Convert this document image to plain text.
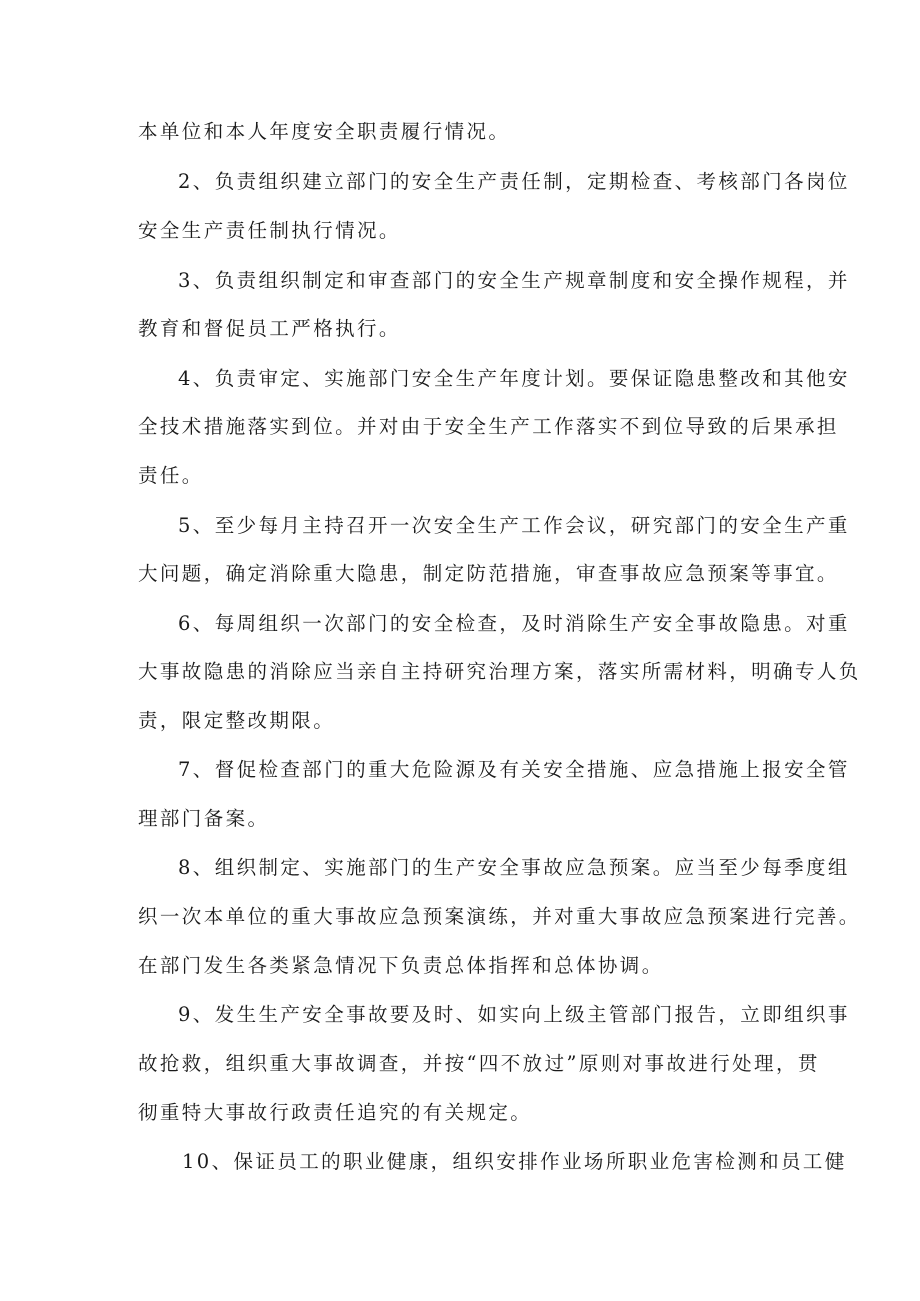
本单位和本人年度安全职责履行情况。
2、负责组织建立部门的安全生产责任制，定期检查、考核部门各岗位
安全生产责任制执行情况。
3、负责组织制定和审查部门的安全生产规章制度和安全操作规程，并
教育和督促员工严格执行。
4、负责审定、实施部门安全生产年度计划。要保证隐患整改和其他安
全技术措施落实到位。并对由于安全生产工作落实不到位导致的后果承担
责任。
5、至少每月主持召开一次安全生产工作会议，研究部门的安全生产重
大问题，确定消除重大隐患，制定防范措施，审查事故应急预案等事宜。
6、每周组织一次部门的安全检查，及时消除生产安全事故隐患。对重
大事故隐患的消除应当亲自主持研究治理方案，落实所需材料，明确专人负
责，限定整改期限。
7、督促检查部门的重大危险源及有关安全措施、应急措施上报安全管
理部门备案。
8、组织制定、实施部门的生产安全事故应急预案。应当至少每季度组
织一次本单位的重大事故应急预案演练，并对重大事故应急预案进行完善。
在部门发生各类紧急情况下负责总体指挥和总体协调。
9、发生生产安全事故要及时、如实向上级主管部门报告，立即组织事
故抢救，组织重大事故调查，并按“四不放过”原则对事故进行处理，贯
彻重特大事故行政责任追究的有关规定。
10、保证员工的职业健康，组织安排作业场所职业危害检测和员工健
